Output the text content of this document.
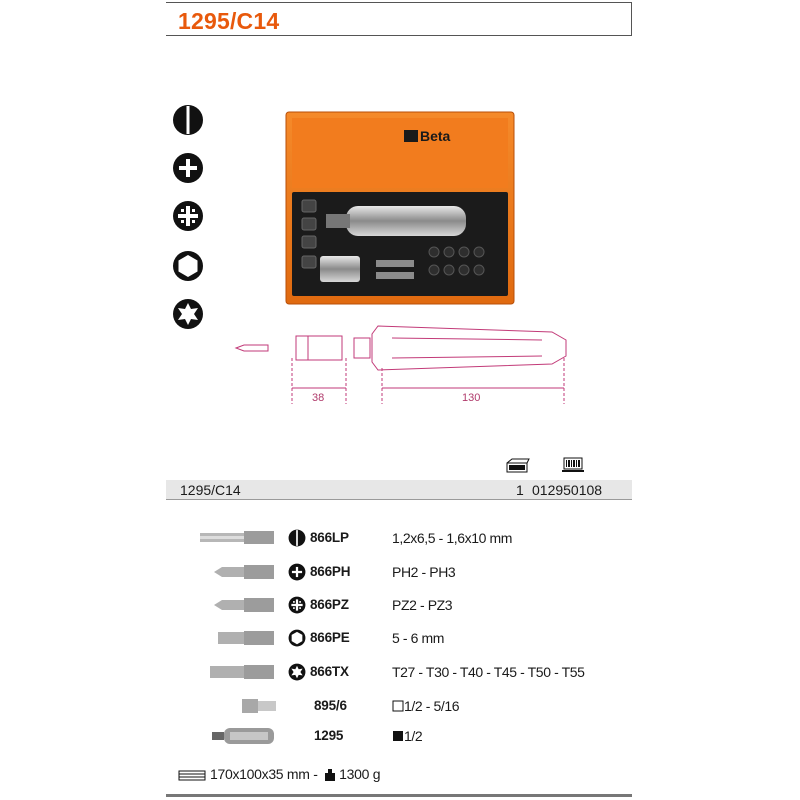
1295/C14
Beta
38	130
1295/C14	1 012950108
866LP	1,2x6,5 - 1,6x10 mm
866PH	PH2 - PH3
866PZ	PZ2 - PZ3
866PE	5 - 6 mm
866TX	T27 - T30 - T40 - T45 - T50 - T55
895/6	1/2 - 5/16
1295	1/2
170x100x35 mm - 1300 g
